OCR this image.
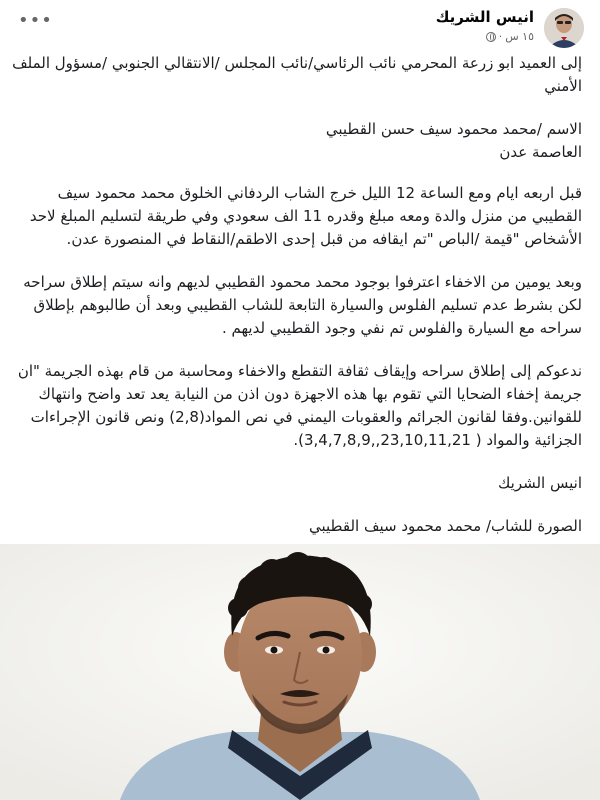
انيس الشريك
١٥ س
·
•••

إلى العميد ابو زرعة المحرمي نائب الرئاسي/نائب المجلس /الانتقالي الجنوبي /مسؤول الملف الأمني

الاسم /محمد محمود سيف حسن القطيبي
العاصمة عدن

قبل اربعه ايام ومع الساعة 12 الليل خرج الشاب الردفاني الخلوق محمد محمود سيف القطيبي من منزل والدة ومعه مبلغ وقدره 11 الف سعودي وفي طريقة لتسليم المبلغ لاحد الأشخاص "قيمة /الباص "تم ايقافه من قبل إحدى الاطقم/النقاط في المنصورة عدن.

وبعد يومين من الاخفاء اعترفوا بوجود محمد محمود القطيبي لديهم وانه سيتم إطلاق سراحه لكن بشرط عدم تسليم الفلوس والسيارة التابعة للشاب القطيبي وبعد أن طالبوهم بإطلاق سراحه مع السيارة والفلوس تم نفي وجود القطيبي لديهم .

ندعوكم إلى إطلاق سراحه وإيقاف ثقافة التقطع والاخفاء ومحاسبة من قام بهذه الجريمة "ان جريمة إخفاء الضحايا التي تقوم بها هذه الاجهزة دون اذن من النيابة يعد تعد واضح وانتهاك للقوانين.وفقا لقانون الجرائم والعقوبات اليمني في نص المواد(2,8) ونص قانون الإجراءات الجزائية والمواد ( 23,10,11,21,,3,4,7,8,9).

انيس الشريك

الصورة للشاب/ محمد محمود سيف القطيبي
